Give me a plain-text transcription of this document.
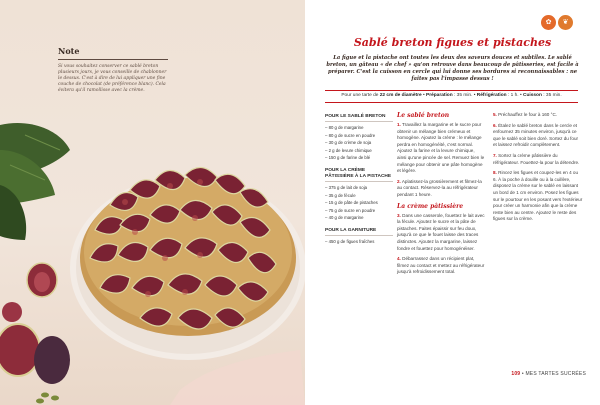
Note
Si vous souhaitez conserver ce sablé breton plusieurs jours, je vous conseille de chablonner le dessus. C'est à dire de lui appliquer une fine couche de chocolat (de préférence blanc). Cela évitera qu'il ramollisse avec la crème.
✿	❦
Sablé breton figues et pistaches
La figue et la pistache ont toutes les deux des saveurs douces et subtiles. Le sablé breton, un gâteau « de chef » qu'on retrouve dans beaucoup de pâtisseries, est facile à préparer. C'est la cuisson en cercle qui lui donne ses bordures si reconnaissables : ne faites pas l'impasse dessus !
Pour une tarte de 22 cm de diamètre • Préparation : 35 min. • Réfrigération : 1 h. • Cuisson : 35 min.
POUR LE SABLÉ BRETON
– 80 g de margarine
– 80 g de sucre en poudre
– 30 g de crème de soja
– 2 g de levure chimique
– 150 g de farine de blé
POUR LA CRÈME PÂTISSIÈRE À LA PISTACHE
– 375 g de lait de soja
– 35 g de fécule
– 15 g de pâte de pistaches
– 75 g de sucre en poudre
– 40 g de margarine
POUR LA GARNITURE
– 450 g de figues fraîches
Le sablé breton
1. Travaillez la margarine et le sucre pour obtenir un mélange bien crémeux et homogène. Ajoutez la crème : le mélange perdra en homogénéité, c'est normal. Ajoutez la farine et la levure chimique, ainsi qu'une pincée de sel. Remuez bien le mélange pour obtenir une pâte homogène et légère.
2. Aplatissez-la grossièrement et filmez-la au contact. Réservez-la au réfrigérateur pendant 1 heure.
La crème pâtissière
3. Dans une casserole, fouettez le lait avec la fécule. Ajoutez le sucre et la pâte de pistaches. Faites épaissir sur feu doux, jusqu'à ce que le fouet laisse des traces distinctes. Ajoutez la margarine, laissez fondre et fouettez pour homogénéiser.
4. Débarrassez dans un récipient plat, filmez au contact et mettez au réfrigérateur jusqu'à refroidissement total.
5. Préchauffez le four à 160 °C.
6. Étalez le sablé breton dans le cercle et enfournez 35 minutes environ, jusqu'à ce que le sablé soit bien doré. Sortez du four et laissez refroidir complètement.
7. Sortez la crème pâtissière du réfrigérateur. Fouettez-la pour la détendre.
8. Rincez les figues et coupez-les en 4 ou 6. À la poche à douille ou à la cuillère, disposez la crème sur le sablé en laissant un bord de 1 cm environ. Posez les figues sur le pourtour en les posant vers l'extérieur pour créer un harmonie afin que la crème reste bien au centre. Ajoutez le reste des figues sur la crème.
109 • MES TARTES SUCRÉES
